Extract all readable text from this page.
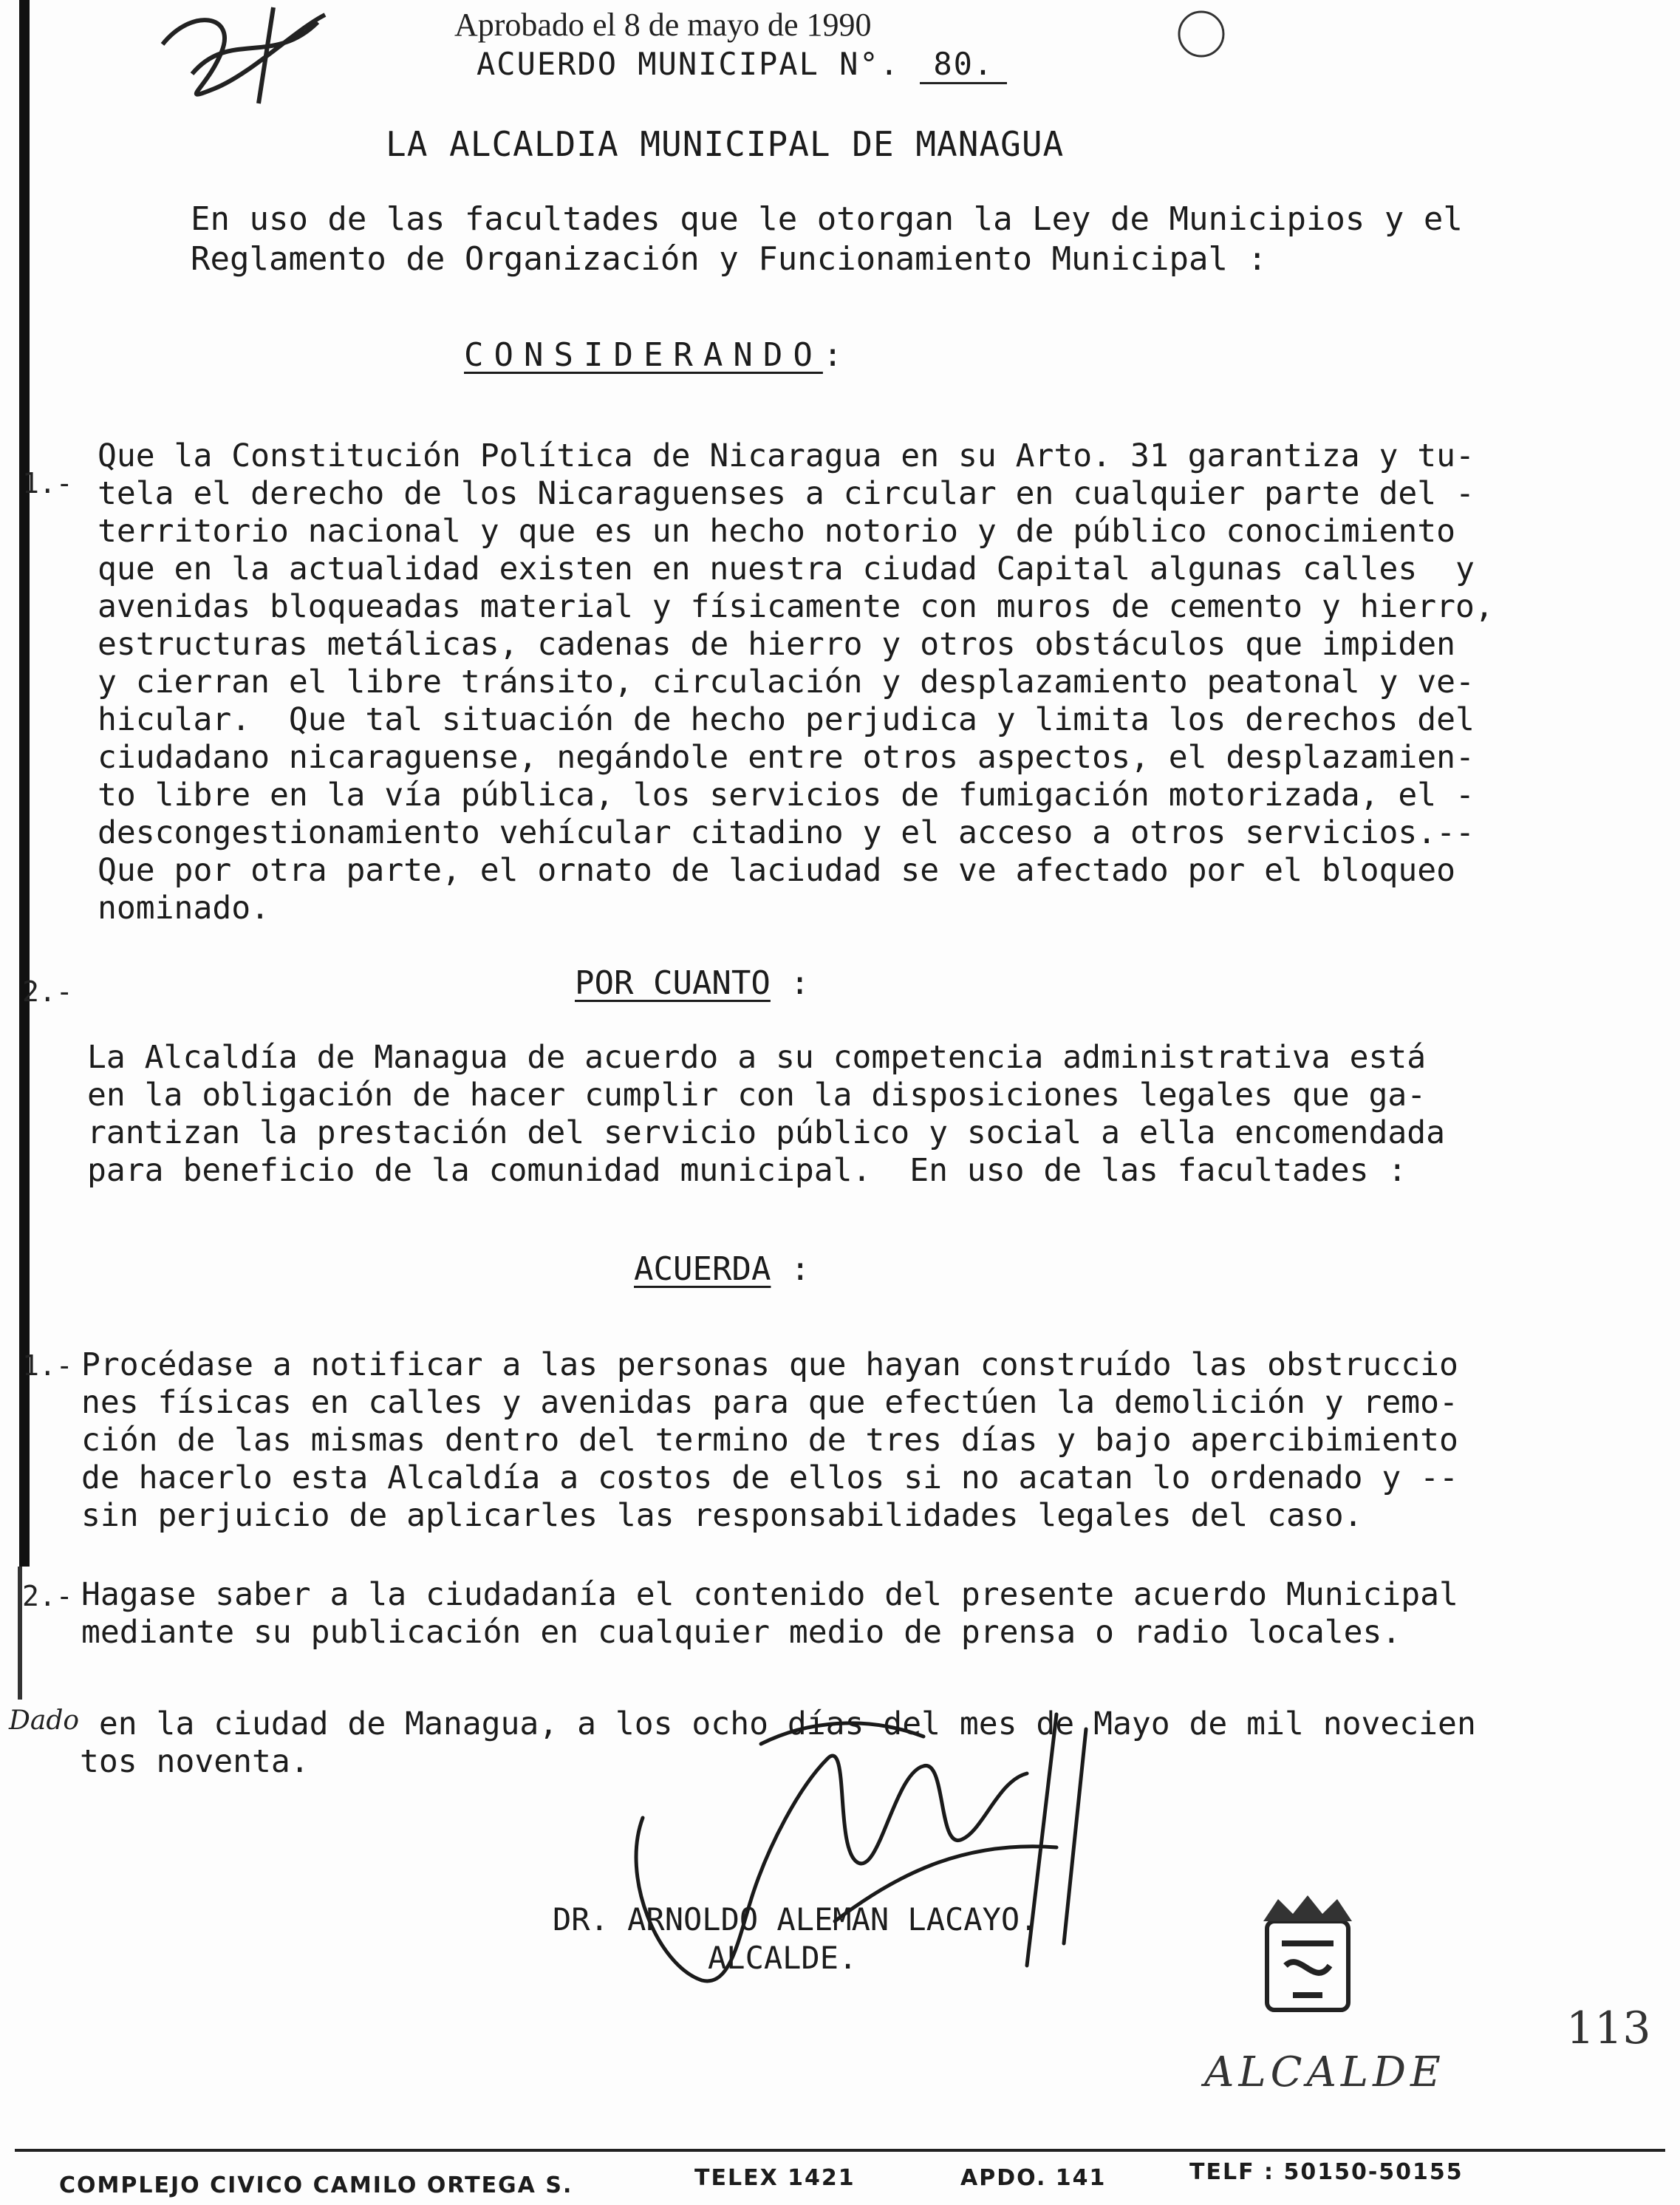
Aprobado el 8 de mayo de 1990
ACUERDO MUNICIPAL N°. 80.
LA ALCALDIA MUNICIPAL DE MANAGUA
En uso de las facultades que le otorgan la Ley de Municipios y el Reglamento de Organización y Funcionamiento Municipal :
CONSIDERANDO:
1.-
Que la Constitución Política de Nicaragua en su Arto. 31 garantiza y tu-
tela el derecho de los Nicaraguenses a circular en cualquier parte del -
territorio nacional y que es un hecho notorio y de público conocimiento
que en la actualidad existen en nuestra ciudad Capital algunas calles  y
avenidas bloqueadas material y físicamente con muros de cemento y hierro,
estructuras metálicas, cadenas de hierro y otros obstáculos que impiden
y cierran el libre tránsito, circulación y desplazamiento peatonal y ve-
hicular.  Que tal situación de hecho perjudica y limita los derechos del
ciudadano nicaraguense, negándole entre otros aspectos, el desplazamien-
to libre en la vía pública, los servicios de fumigación motorizada, el -
descongestionamiento vehícular citadino y el acceso a otros servicios.--
Que por otra parte, el ornato de laciudad se ve afectado por el bloqueo
nominado.
POR CUANTO :
2.-
La Alcaldía de Managua de acuerdo a su competencia administrativa está
en la obligación de hacer cumplir con la disposiciones legales que ga-
rantizan la prestación del servicio público y social a ella encomendada
para beneficio de la comunidad municipal.  En uso de las facultades :
ACUERDA :
1.- Procédase a notificar a las personas que hayan construído las obstruccio
nes físicas en calles y avenidas para que efectúen la demolición y remo-
ción de las mismas dentro del termino de tres días y bajo apercibimiento
de hacerlo esta Alcaldía a costos de ellos si no acatan lo ordenado y --
sin perjuicio de aplicarles las responsabilidades legales del caso.
2.- Hagase saber a la ciudadanía el contenido del presente acuerdo Municipal
mediante su publicación en cualquier medio de prensa o radio locales.
Dado en la ciudad de Managua, a los ocho días del mes de Mayo de mil novecien
tos noventa.
DR. ARNOLDO ALEMAN LACAYO.
ALCALDE.
ALCALDE
113
COMPLEJO CIVICO CAMILO ORTEGA S.	TELEX 1421	APDO. 141	TELF : 50150-50155
